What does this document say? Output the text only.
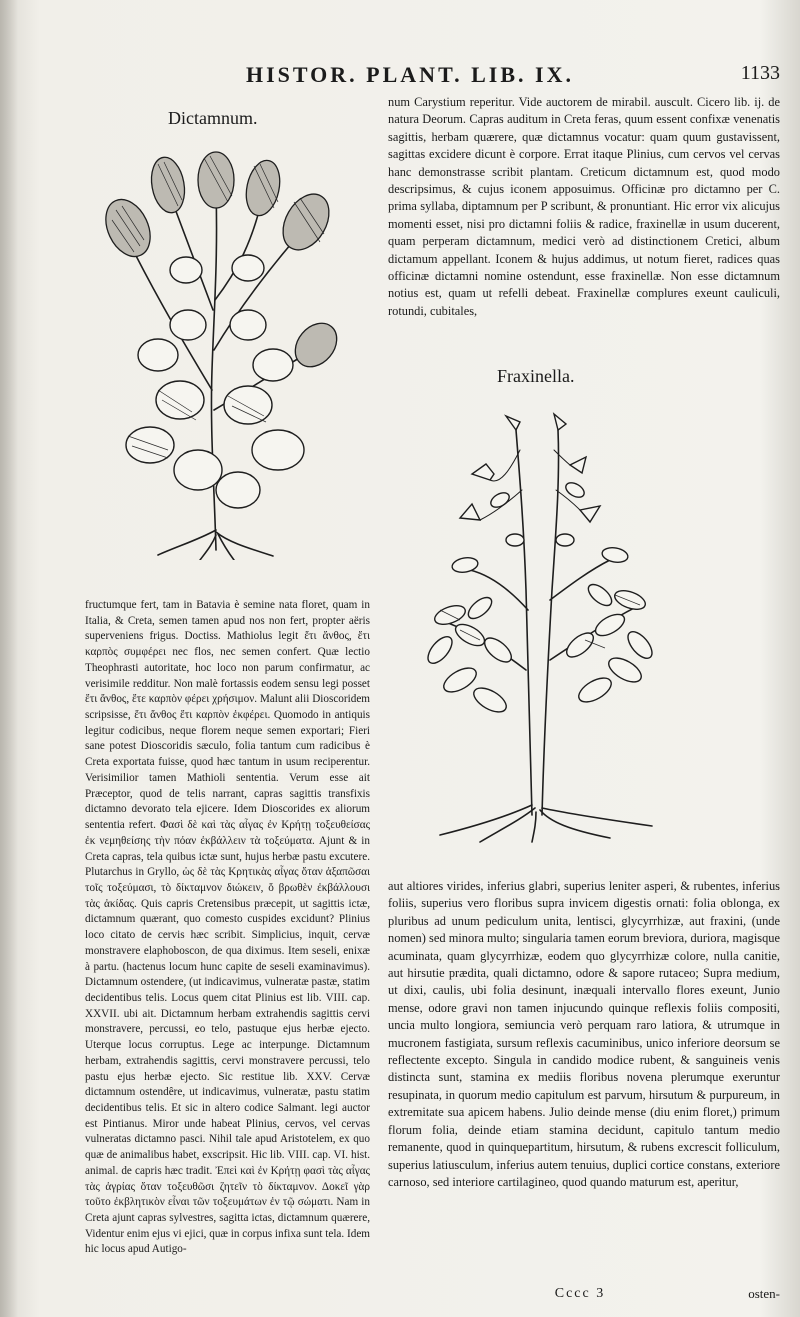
HISTOR. PLANT. LIB. IX.	1133
Dictamnum.

num Carystium reperitur. Vide auctorem de mirabil. auscult. Cicero lib. ij. de natura Deorum. Capras auditum in Creta feras, quum essent confixæ venenatis sagittis, herbam quærere, quæ dictamnus vocatur: quam quum gustavissent, sagittas excidere dicunt è corpore. Errat itaque Plinius, cum cervos vel cervas hanc demonstrasse scribit plantam. Creticum dictamnum est, quod modo descripsimus, & cujus iconem apposuimus. Officinæ pro dictamno per C. prima syllaba, diptamnum per P scribunt, & pronuntiant. Hic error vix alicujus momenti esset, nisi pro dictamni foliis & radice, fraxinellæ in usum ducerent, quam perperam dictamnum, medici verò ad distinctionem Cretici, album dictamum appellant. Iconem & hujus addimus, ut notum fieret, radices quas officinæ dictamni nomine ostendunt, esse fraxinellæ. Non esse dictamnum notius est, quam ut refelli debeat. Fraxinellæ complures exeunt cauliculi, rotundi, cubitales,

Fraxinella.

fructumque fert, tam in Batavia è semine nata floret, quam in Italia, & Creta, semen tamen apud nos non fert, propter aëris superveniens frigus. Doctiss. Mathiolus legit ἔτι ἄνθος, ἔτι καρπὸς συμφέρει nec flos, nec semen confert. Quæ lectio Theophrasti autoritate, hoc loco non parum confirmatur, ac verisimile redditur. Non malè fortassis eodem sensu legi posset ἔτι ἄνθος, ἔτε καρπὸν φέρει χρήσιμον. Malunt alii Dioscoridem scripsisse, ἔτι ἄνθος ἔτι καρπὸν ἐκφέρει. Quomodo in antiquis legitur codicibus, neque florem neque semen exportari; Fieri sane potest Dioscoridis sæculo, folia tantum cum radicibus è Creta exportata fuisse, quod hæc tantum in usum reciperentur. Verisimilior tamen Mathioli sententia. Verum esse ait Præceptor, quod de telis narrant, capras sagittis transfixis dictamno devorato tela ejicere. Idem Dioscorides ex aliorum sententia refert. Φασὶ δὲ καὶ τὰς αἶγας ἐν Κρήτῃ τοξευθείσας ἐκ νεμηθείσης τὴν πόαν ἐκβάλλειν τὰ τοξεύματα. Ajunt & in Creta capras, tela quibus ictæ sunt, hujus herbæ pastu excutere. Plutarchus in Gryllo, ὡς δὲ τὰς Κρητικὰς αἶγας ὅταν ἀξαπῶσαι τοῖς τοξεύμασι, τὸ δίκταμνον διώκειν, ὅ βρωθὲν ἐκβάλλουσι τὰς ἀκίδας. Quis capris Cretensibus præcepit, ut sagittis ictæ, dictamnum quærant, quo comesto cuspides excidunt? Plinius loco citato de cervis hæc scribit. Simplicius, inquit, cervæ monstravere elaphoboscon, de qua diximus. Item seseli, enixæ à partu. (hactenus locum hunc capite de seseli examinavimus). Dictamnum ostendere, (ut indicavimus, vulneratæ pastæ, statim decidentibus telis. Locus quem citat Plinius est lib. VIII. cap. XXVII. ubi ait. Dictamnum herbam extrahendis sagittis cervi monstravere, percussi, eo telo, pastuque ejus herbæ ejecto. Uterque locus corruptus. Lege ac interpunge. Dictamnum herbam, extrahendis sagittis, cervi monstravere percussi, telo pastu ejus herbæ ejecto. Sic restitue lib. XXV. Cervæ dictamnum ostendêre, ut indicavimus, vulneratæ, pastu statim decidentibus telis. Et sic in altero codice Salmant. legi auctor est Pintianus. Miror unde habeat Plinius, cervos, vel cervas vulneratas dictamno pasci. Nihil tale apud Aristotelem, ex quo quæ de animalibus habet, exscripsit. Hic lib. VIII. cap. VI. hist. animal. de capris hæc tradit. Ἐπεὶ καὶ ἐν Κρήτῃ φασὶ τὰς αἶγας τὰς ἀγρίας ὅταν τοξευθῶσι ζητεῖν τὸ δίκταμνον. Δοκεῖ γὰρ τοῦτο ἐκβλητικὸν εἶναι τῶν τοξευμάτων ἐν τῷ σώματι. Nam in Creta ajunt capras sylvestres, sagitta ictas, dictamnum quærere, Videntur enim ejus vi ejici, quæ in corpus infixa sunt tela. Idem hic locus apud Autigo-

aut altiores virides, inferius glabri, superius leniter asperi, & rubentes, inferius foliis, superius vero floribus supra invicem digestis ornati: folia oblonga, ex pluribus ad unum pediculum unita, lentisci, glycyrrhizæ, aut fraxini, (unde nomen) sed minora multo; singularia tamen eorum breviora, duriora, magisque acuminata, quam glycyrrhizæ, eodem quo glycyrrhizæ colore, nulla canitie, aut hirsutie prædita, quali dictamno, odore & sapore rutaceo; Supra medium, ut dixi, caulis, ubi folia desinunt, inæquali intervallo flores exeunt, Junio mense, odore gravi non tamen injucundo quinque reflexis foliis compositi, uncia multo longiora, semiuncia verò perquam raro latiora, & utrumque in mucronem fastigiata, sursum reflexis cacuminibus, unico inferiore deorsum se reflectente excepto. Singula in candido modice rubent, & sanguineis venis distincta sunt, stamina ex mediis floribus novena plerumque exeruntur resupinata, in quorum medio capitulum est parvum, hirsutum & purpureum, in extremitate sua apicem habens. Julio deinde mense (diu enim floret,) primum florum folia, deinde etiam stamina decidunt, capitulo tantum medio remanente, quod in quinquepartitum, hirsutum, & rubens excrescit folliculum, superius latiusculum, inferius autem tenuius, duplici cortice constans, exteriore carnoso, sed interiore cartilagineo, quod quando maturum est, aperitur,

Cccc 3	osten-
